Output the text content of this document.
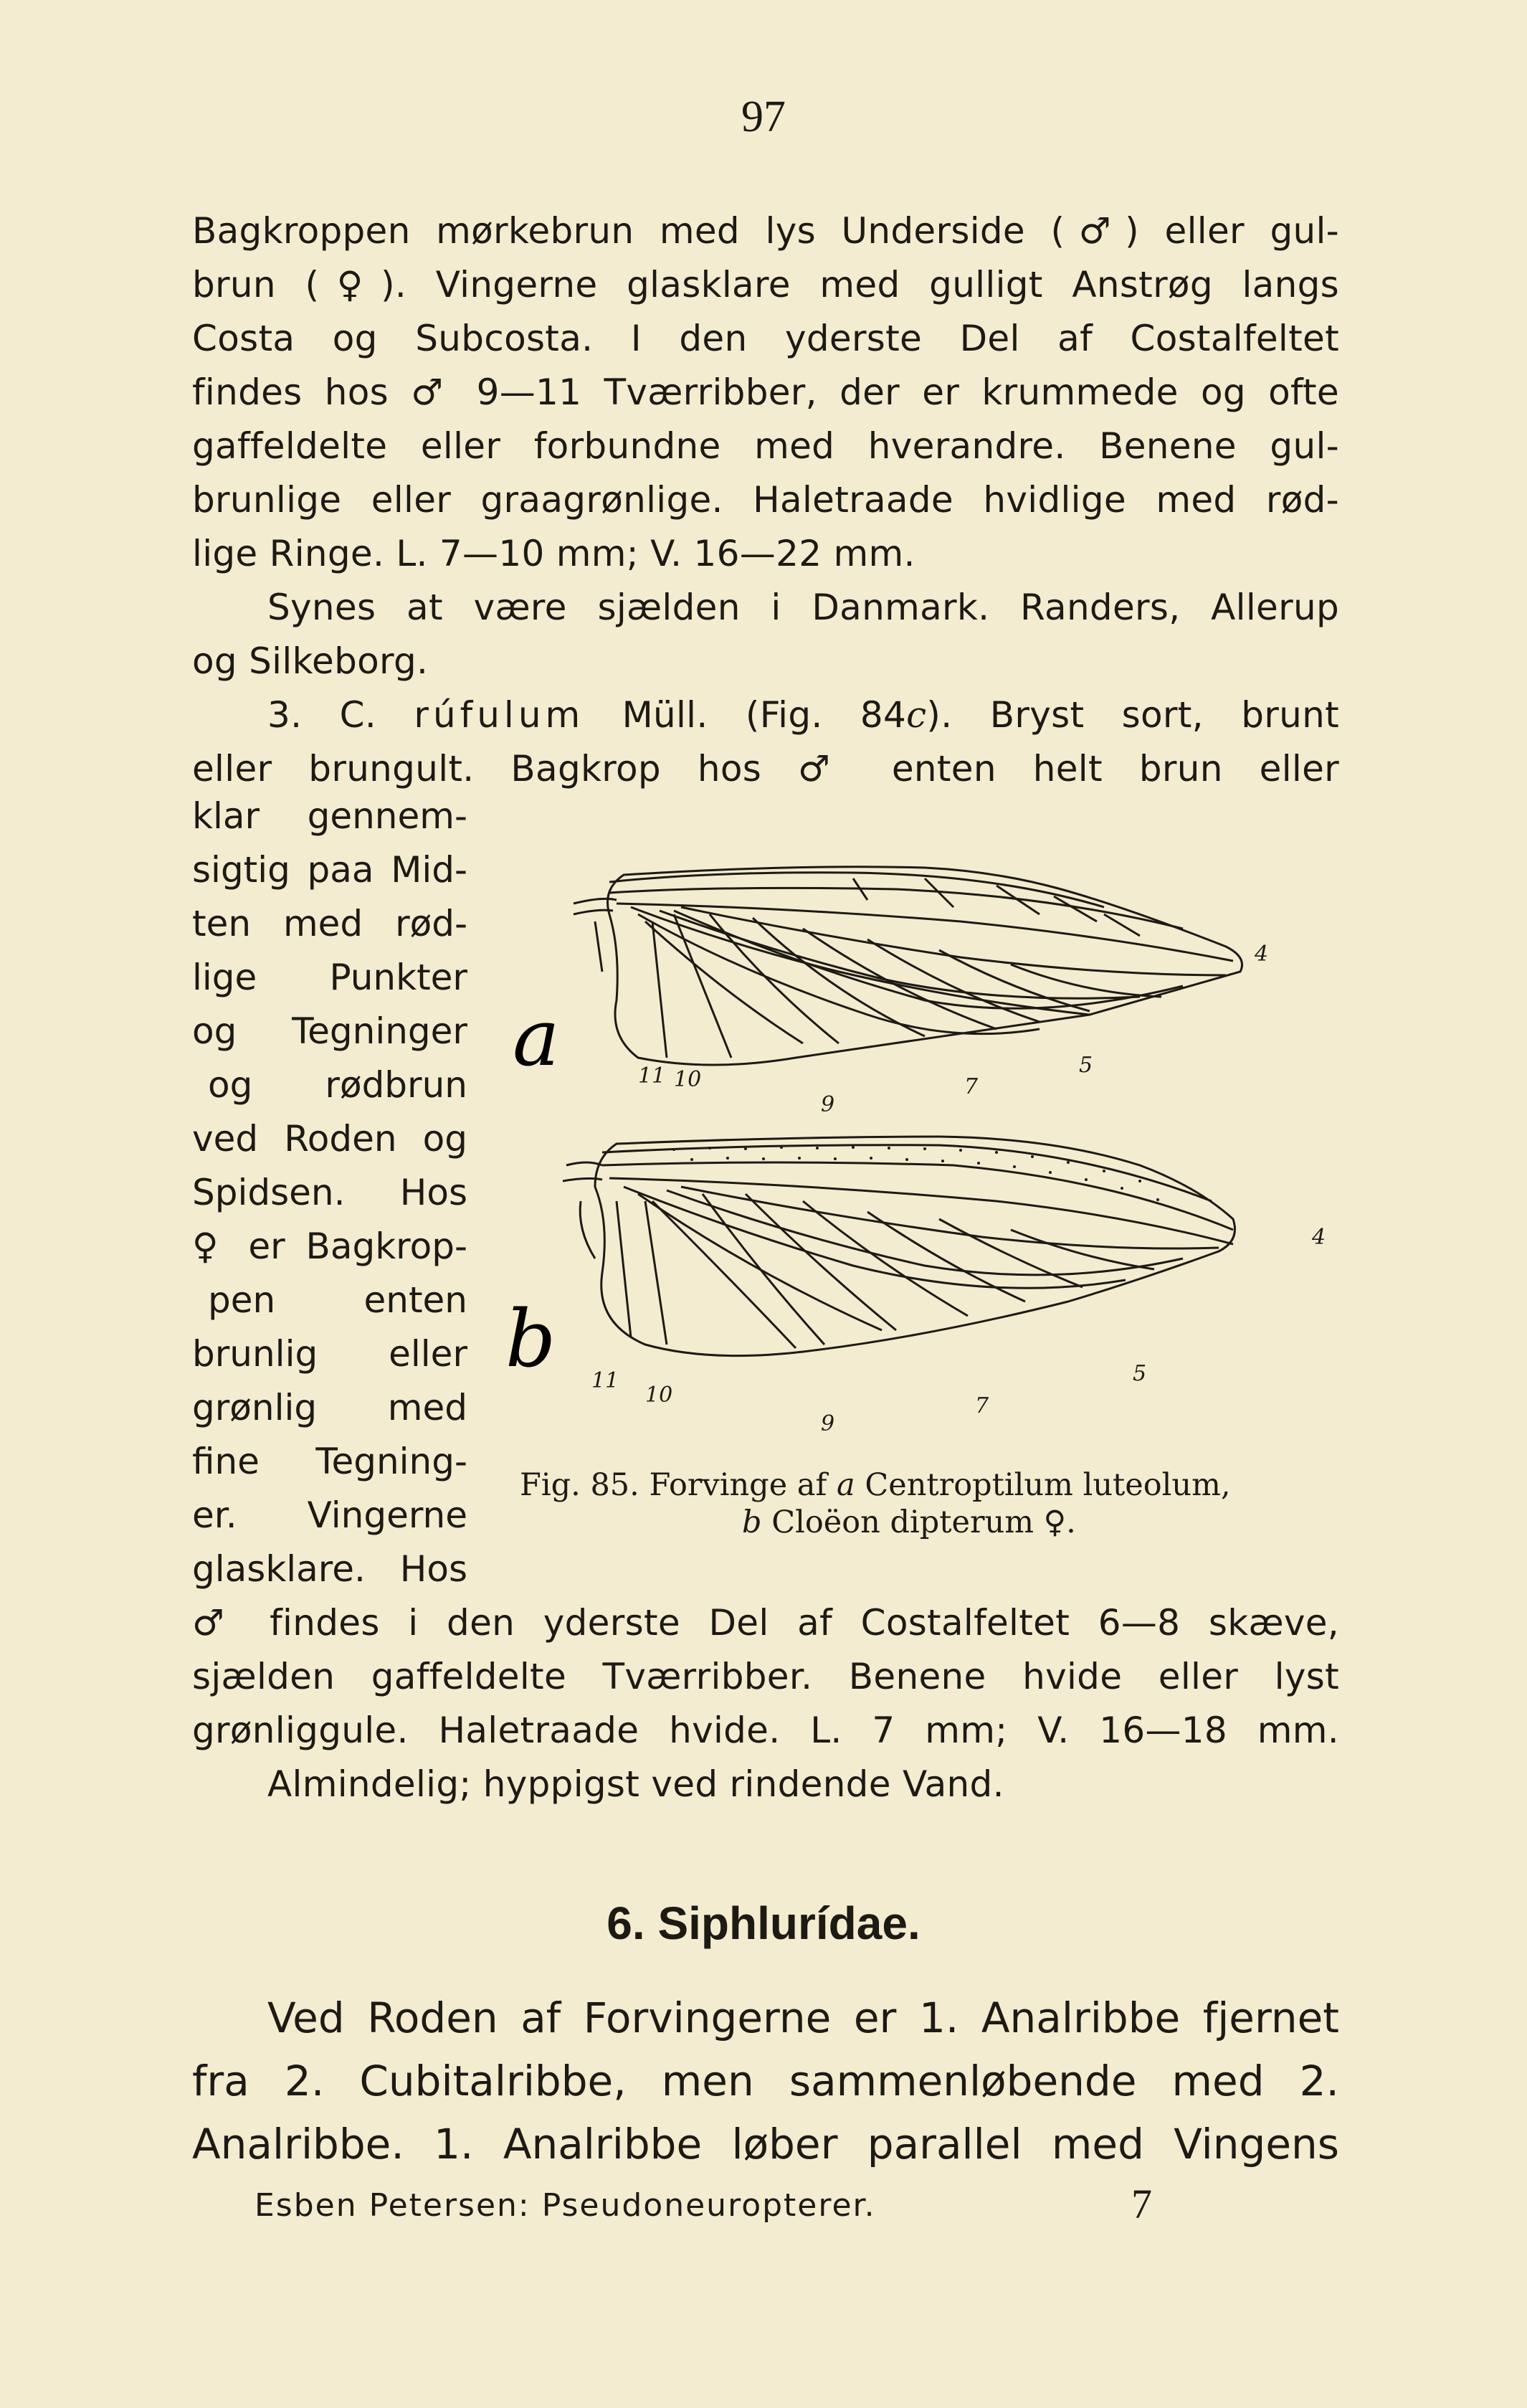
97
Bagkroppen mørkebrun med lys Underside (♂) eller gul-
brun (♀). Vingerne glasklare med gulligt Anstrøg langs
Costa og Subcosta. I den yderste Del af Costalfeltet
findes hos ♂ 9—11 Tværribber, der er krummede og ofte
gaffeldelte eller forbundne med hverandre. Benene gul-
brunlige eller graagrønlige. Haletraade hvidlige med rød-
lige Ringe. L. 7—10 mm; V. 16—22 mm.
Synes at være sjælden i Danmark. Randers, Allerup
og Silkeborg.
3. C. rúfulum Müll. (Fig. 84c). Bryst sort, brunt
eller brungult. Bagkrop hos ♂ enten helt brun eller
klar gennem-
sigtig paa Mid-
ten med rød-
lige Punkter
og Tegninger
og rødbrun
ved Roden og
Spidsen. Hos
♀ er Bagkrop-
pen enten
brunlig eller
grønlig med
fine Tegning-
er. Vingerne
glasklare. Hos
a
b
11 10
9
7
5
4
11
10
9
7
5
4
Fig. 85. Forvinge af a Centroptilum luteolum,
b Cloëon dipterum ♀.
♂ findes i den yderste Del af Costalfeltet 6—8 skæve,
sjælden gaffeldelte Tværribber. Benene hvide eller lyst
grønliggule. Haletraade hvide. L. 7 mm; V. 16—18 mm.
Almindelig; hyppigst ved rindende Vand.
6. Siphlurídae.
Ved Roden af Forvingerne er 1. Analribbe fjernet
fra 2. Cubitalribbe, men sammenløbende med 2.
Analribbe. 1. Analribbe løber parallel med Vingens
Esben Petersen: Pseudoneuropterer.	7
